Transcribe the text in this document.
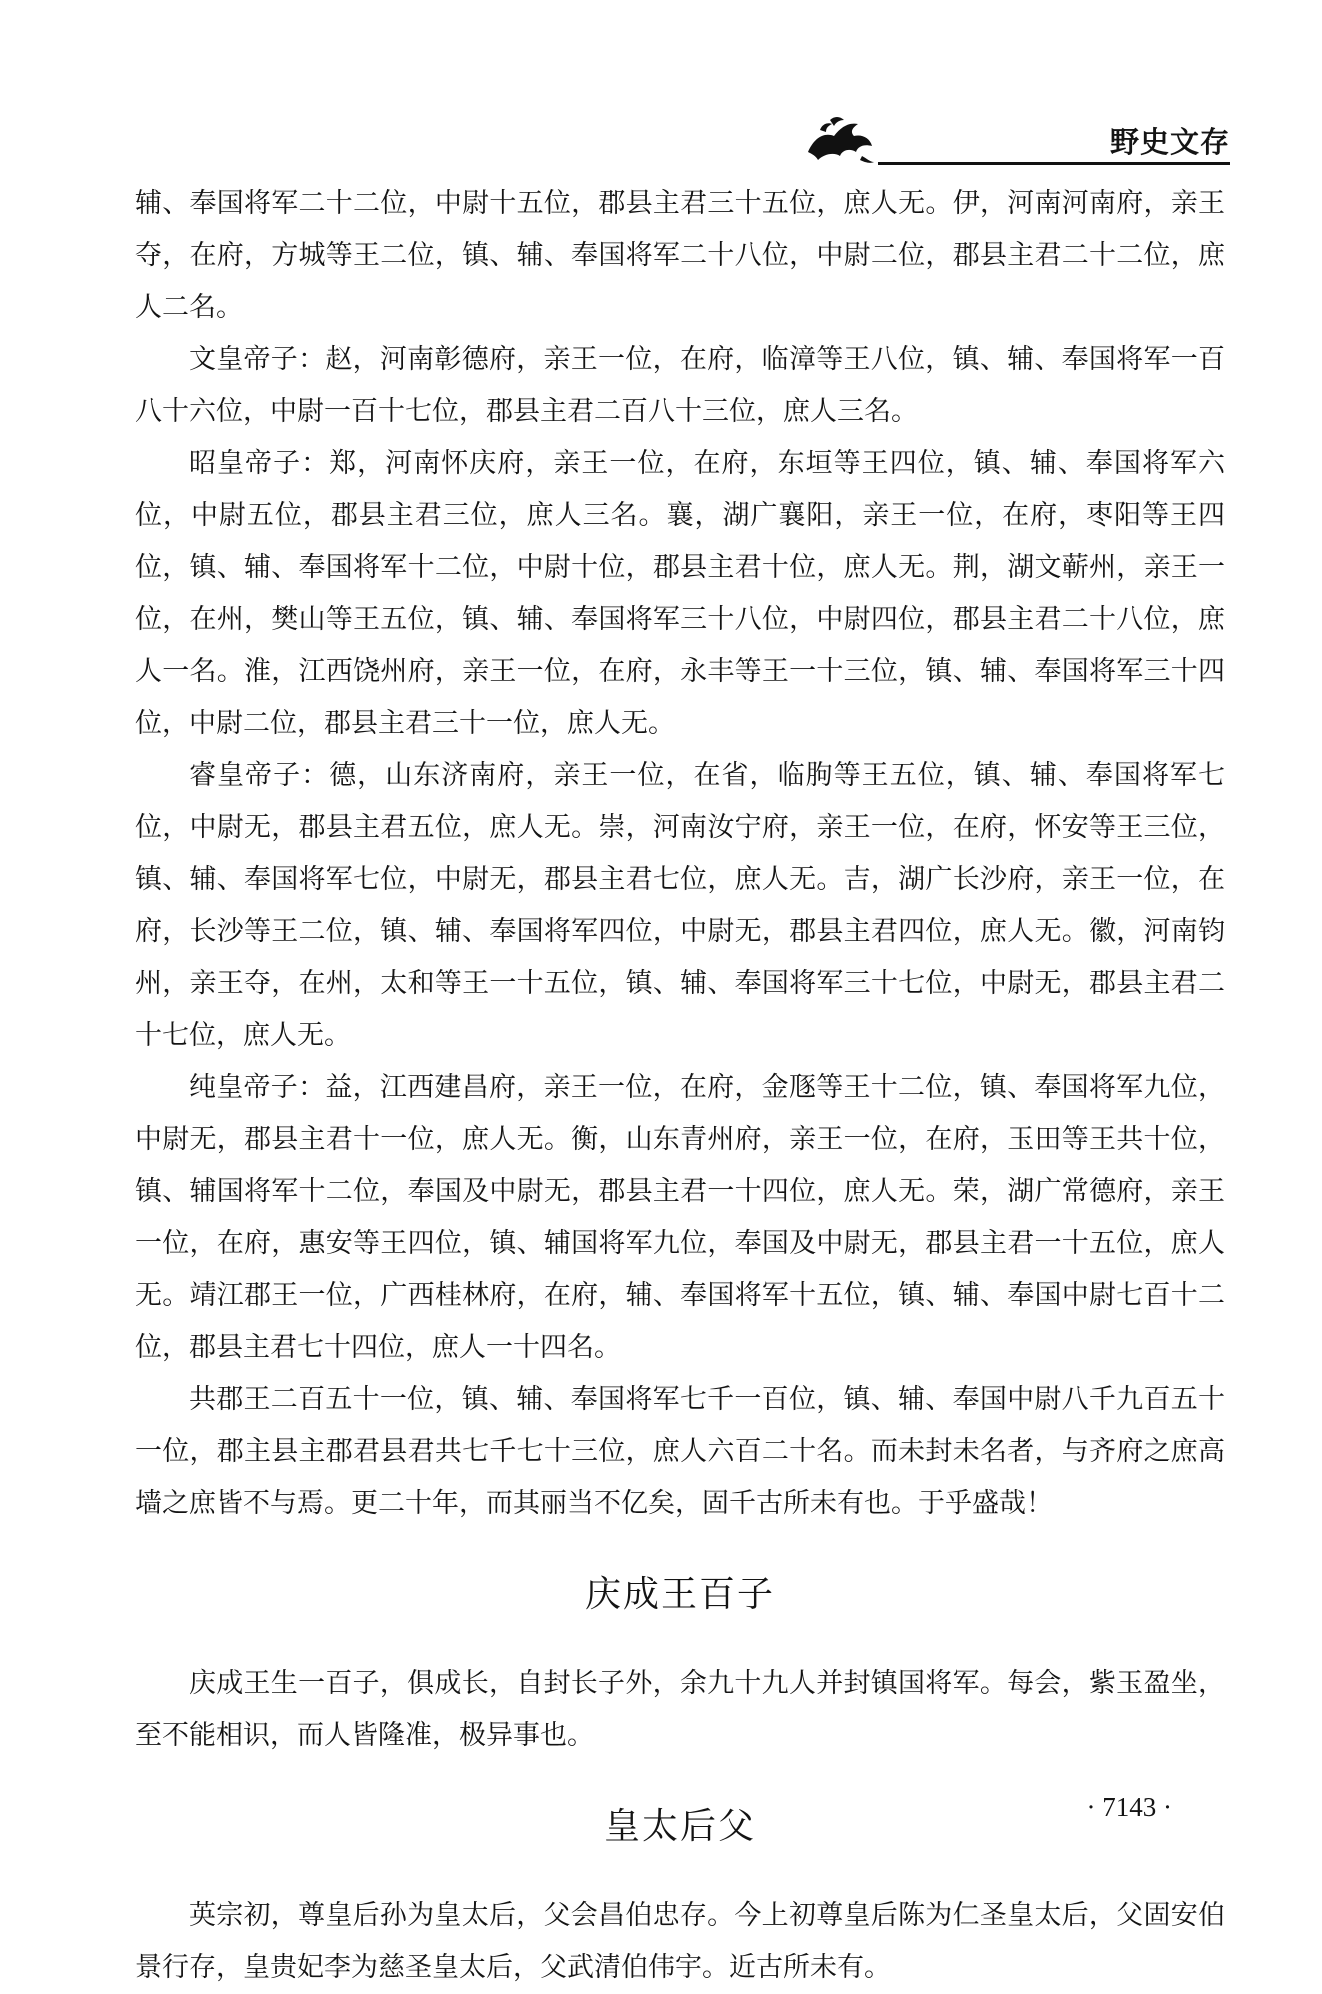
野史文存

辅、奉国将军二十二位，中尉十五位，郡县主君三十五位，庶人无。伊，河南河南府，亲王夺，在府，方城等王二位，镇、辅、奉国将军二十八位，中尉二位，郡县主君二十二位，庶人二名。

文皇帝子：赵，河南彰德府，亲王一位，在府，临漳等王八位，镇、辅、奉国将军一百八十六位，中尉一百十七位，郡县主君二百八十三位，庶人三名。

昭皇帝子：郑，河南怀庆府，亲王一位，在府，东垣等王四位，镇、辅、奉国将军六位，中尉五位，郡县主君三位，庶人三名。襄，湖广襄阳，亲王一位，在府，枣阳等王四位，镇、辅、奉国将军十二位，中尉十位，郡县主君十位，庶人无。荆，湖文蕲州，亲王一位，在州，樊山等王五位，镇、辅、奉国将军三十八位，中尉四位，郡县主君二十八位，庶人一名。淮，江西饶州府，亲王一位，在府，永丰等王一十三位，镇、辅、奉国将军三十四位，中尉二位，郡县主君三十一位，庶人无。

睿皇帝子：德，山东济南府，亲王一位，在省，临朐等王五位，镇、辅、奉国将军七位，中尉无，郡县主君五位，庶人无。崇，河南汝宁府，亲王一位，在府，怀安等王三位，镇、辅、奉国将军七位，中尉无，郡县主君七位，庶人无。吉，湖广长沙府，亲王一位，在府，长沙等王二位，镇、辅、奉国将军四位，中尉无，郡县主君四位，庶人无。徽，河南钧州，亲王夺，在州，太和等王一十五位，镇、辅、奉国将军三十七位，中尉无，郡县主君二十七位，庶人无。

纯皇帝子：益，江西建昌府，亲王一位，在府，金豗等王十二位，镇、奉国将军九位，中尉无，郡县主君十一位，庶人无。衡，山东青州府，亲王一位，在府，玉田等王共十位，镇、辅国将军十二位，奉国及中尉无，郡县主君一十四位，庶人无。荣，湖广常德府，亲王一位，在府，惠安等王四位，镇、辅国将军九位，奉国及中尉无，郡县主君一十五位，庶人无。靖江郡王一位，广西桂林府，在府，辅、奉国将军十五位，镇、辅、奉国中尉七百十二位，郡县主君七十四位，庶人一十四名。

共郡王二百五十一位，镇、辅、奉国将军七千一百位，镇、辅、奉国中尉八千九百五十一位，郡主县主郡君县君共七千七十三位，庶人六百二十名。而未封未名者，与齐府之庶高墙之庶皆不与焉。更二十年，而其丽当不亿矣，固千古所未有也。于乎盛哉！

庆成王百子

庆成王生一百子，俱成长，自封长子外，余九十九人并封镇国将军。每会，紫玉盈坐，至不能相识，而人皆隆准，极异事也。

皇太后父

英宗初，尊皇后孙为皇太后，父会昌伯忠存。今上初尊皇后陈为仁圣皇太后，父固安伯景行存，皇贵妃李为慈圣皇太后，父武清伯伟宇。近古所未有。

· 7143 ·
